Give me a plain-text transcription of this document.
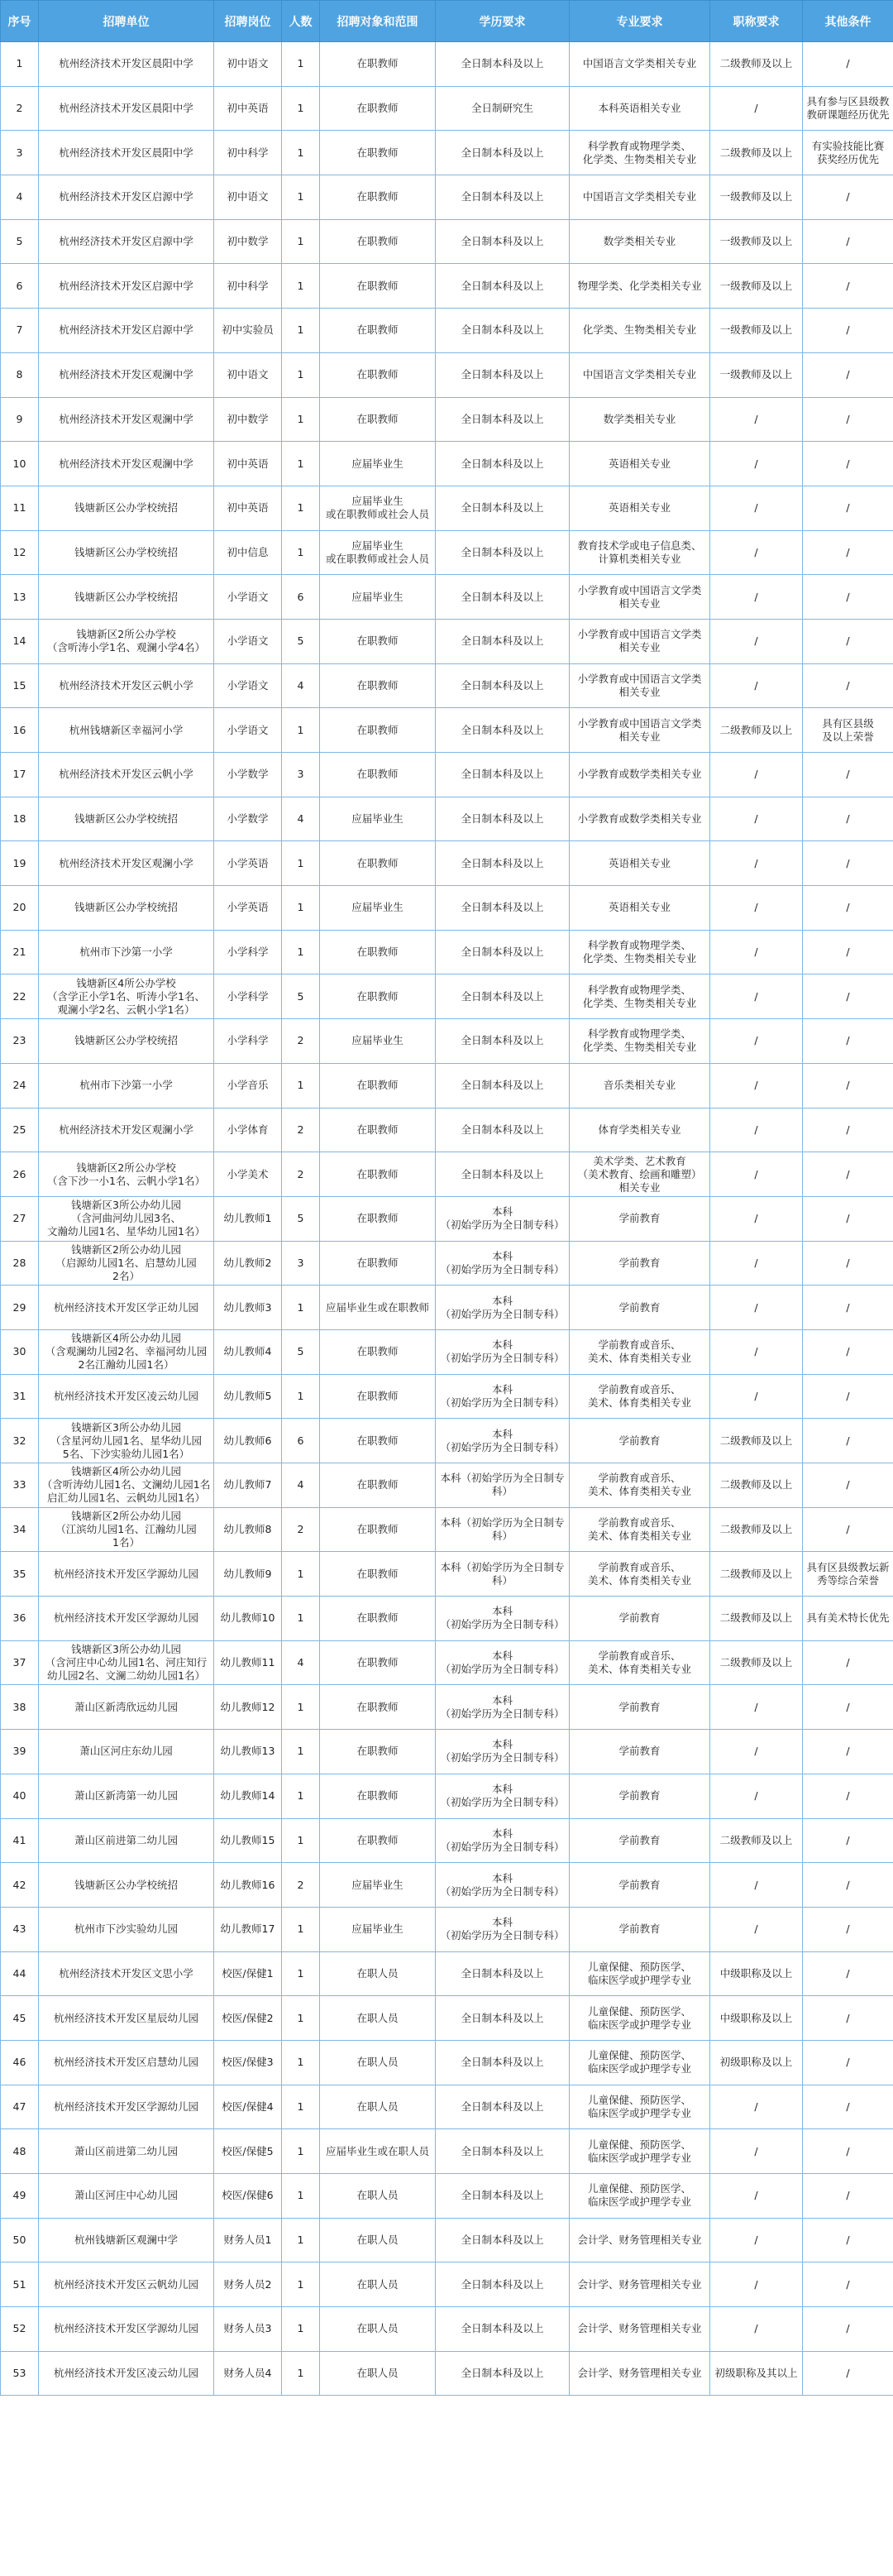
序号	招聘单位	招聘岗位	人数	招聘对象和范围	学历要求	专业要求	职称要求	其他条件
1	杭州经济技术开发区晨阳中学	初中语文	1	在职教师	全日制本科及以上	中国语言文学类相关专业	二级教师及以上	/
2	杭州经济技术开发区晨阳中学	初中英语	1	在职教师	全日制研究生	本科英语相关专业	/	具有参与区县级教
教研课题经历优先
3	杭州经济技术开发区晨阳中学	初中科学	1	在职教师	全日制本科及以上	科学教育或物理学类、
化学类、生物类相关专业	二级教师及以上	有实验技能比赛
获奖经历优先
4	杭州经济技术开发区启源中学	初中语文	1	在职教师	全日制本科及以上	中国语言文学类相关专业	一级教师及以上	/
5	杭州经济技术开发区启源中学	初中数学	1	在职教师	全日制本科及以上	数学类相关专业	一级教师及以上	/
6	杭州经济技术开发区启源中学	初中科学	1	在职教师	全日制本科及以上	物理学类、化学类相关专业	一级教师及以上	/
7	杭州经济技术开发区启源中学	初中实验员	1	在职教师	全日制本科及以上	化学类、生物类相关专业	一级教师及以上	/
8	杭州经济技术开发区观澜中学	初中语文	1	在职教师	全日制本科及以上	中国语言文学类相关专业	一级教师及以上	/
9	杭州经济技术开发区观澜中学	初中数学	1	在职教师	全日制本科及以上	数学类相关专业	/	/
10	杭州经济技术开发区观澜中学	初中英语	1	应届毕业生	全日制本科及以上	英语相关专业	/	/
11	钱塘新区公办学校统招	初中英语	1	应届毕业生
或在职教师或社会人员	全日制本科及以上	英语相关专业	/	/
12	钱塘新区公办学校统招	初中信息	1	应届毕业生
或在职教师或社会人员	全日制本科及以上	教育技术学或电子信息类、
计算机类相关专业	/	/
13	钱塘新区公办学校统招	小学语文	6	应届毕业生	全日制本科及以上	小学教育或中国语言文学类
相关专业	/	/
14	钱塘新区2所公办学校
（含听涛小学1名、观澜小学4名）	小学语文	5	在职教师	全日制本科及以上	小学教育或中国语言文学类
相关专业	/	/
15	杭州经济技术开发区云帆小学	小学语文	4	在职教师	全日制本科及以上	小学教育或中国语言文学类
相关专业	/	/
16	杭州钱塘新区幸福河小学	小学语文	1	在职教师	全日制本科及以上	小学教育或中国语言文学类
相关专业	二级教师及以上	具有区县级
及以上荣誉
17	杭州经济技术开发区云帆小学	小学数学	3	在职教师	全日制本科及以上	小学教育或数学类相关专业	/	/
18	钱塘新区公办学校统招	小学数学	4	应届毕业生	全日制本科及以上	小学教育或数学类相关专业	/	/
19	杭州经济技术开发区观澜小学	小学英语	1	在职教师	全日制本科及以上	英语相关专业	/	/
20	钱塘新区公办学校统招	小学英语	1	应届毕业生	全日制本科及以上	英语相关专业	/	/
21	杭州市下沙第一小学	小学科学	1	在职教师	全日制本科及以上	科学教育或物理学类、
化学类、生物类相关专业	/	/
22	钱塘新区4所公办学校
（含学正小学1名、听涛小学1名、
观澜小学2名、云帆小学1名）	小学科学	5	在职教师	全日制本科及以上	科学教育或物理学类、
化学类、生物类相关专业	/	/
23	钱塘新区公办学校统招	小学科学	2	应届毕业生	全日制本科及以上	科学教育或物理学类、
化学类、生物类相关专业	/	/
24	杭州市下沙第一小学	小学音乐	1	在职教师	全日制本科及以上	音乐类相关专业	/	/
25	杭州经济技术开发区观澜小学	小学体育	2	在职教师	全日制本科及以上	体育学类相关专业	/	/
26	钱塘新区2所公办学校
（含下沙一小1名、云帆小学1名）	小学美术	2	在职教师	全日制本科及以上	美术学类、艺术教育
（美术教育、绘画和雕塑）
相关专业	/	/
27	钱塘新区3所公办幼儿园
（含河曲河幼儿园3名、
文瀚幼儿园1名、星华幼儿园1名）	幼儿教师1	5	在职教师	本科
（初始学历为全日制专科）	学前教育	/	/
28	钱塘新区2所公办幼儿园
（启源幼儿园1名、启慧幼儿园
2名）	幼儿教师2	3	在职教师	本科
（初始学历为全日制专科）	学前教育	/	/
29	杭州经济技术开发区学正幼儿园	幼儿教师3	1	应届毕业生或在职教师	本科
（初始学历为全日制专科）	学前教育	/	/
30	钱塘新区4所公办幼儿园
（含观澜幼儿园2名、幸福河幼儿园
2名江瀚幼儿园1名）	幼儿教师4	5	在职教师	本科
（初始学历为全日制专科）	学前教育或音乐、
美术、体育类相关专业	/	/
31	杭州经济技术开发区凌云幼儿园	幼儿教师5	1	在职教师	本科
（初始学历为全日制专科）	学前教育或音乐、
美术、体育类相关专业	/	/
32	钱塘新区3所公办幼儿园
（含星河幼儿园1名、星华幼儿园
5名、下沙实验幼儿园1名）	幼儿教师6	6	在职教师	本科
（初始学历为全日制专科）	学前教育	二级教师及以上	/
33	钱塘新区4所公办幼儿园
（含听涛幼儿园1名、文澜幼儿园1名
启汇幼儿园1名、云帆幼儿园1名）	幼儿教师7	4	在职教师	本科（初始学历为全日制专科）	学前教育或音乐、
美术、体育类相关专业	二级教师及以上	/
34	钱塘新区2所公办幼儿园
（江滨幼儿园1名、江瀚幼儿园
1名）	幼儿教师8	2	在职教师	本科（初始学历为全日制专科）	学前教育或音乐、
美术、体育类相关专业	二级教师及以上	/
35	杭州经济技术开发区学源幼儿园	幼儿教师9	1	在职教师	本科（初始学历为全日制专科）	学前教育或音乐、
美术、体育类相关专业	二级教师及以上	具有区县级教坛新
秀等综合荣誉
36	杭州经济技术开发区学源幼儿园	幼儿教师10	1	在职教师	本科
（初始学历为全日制专科）	学前教育	二级教师及以上	具有美术特长优先
37	钱塘新区3所公办幼儿园
（含河庄中心幼儿园1名、河庄知行
幼儿园2名、文澜二幼幼儿园1名）	幼儿教师11	4	在职教师	本科
（初始学历为全日制专科）	学前教育或音乐、
美术、体育类相关专业	二级教师及以上	/
38	萧山区新湾欣远幼儿园	幼儿教师12	1	在职教师	本科
（初始学历为全日制专科）	学前教育	/	/
39	萧山区河庄东幼儿园	幼儿教师13	1	在职教师	本科
（初始学历为全日制专科）	学前教育	/	/
40	萧山区新湾第一幼儿园	幼儿教师14	1	在职教师	本科
（初始学历为全日制专科）	学前教育	/	/
41	萧山区前进第二幼儿园	幼儿教师15	1	在职教师	本科
（初始学历为全日制专科）	学前教育	二级教师及以上	/
42	钱塘新区公办学校统招	幼儿教师16	2	应届毕业生	本科
（初始学历为全日制专科）	学前教育	/	/
43	杭州市下沙实验幼儿园	幼儿教师17	1	应届毕业生	本科
（初始学历为全日制专科）	学前教育	/	/
44	杭州经济技术开发区文思小学	校医/保健1	1	在职人员	全日制本科及以上	儿童保健、预防医学、
临床医学或护理学专业	中级职称及以上	/
45	杭州经济技术开发区星辰幼儿园	校医/保健2	1	在职人员	全日制本科及以上	儿童保健、预防医学、
临床医学或护理学专业	中级职称及以上	/
46	杭州经济技术开发区启慧幼儿园	校医/保健3	1	在职人员	全日制本科及以上	儿童保健、预防医学、
临床医学或护理学专业	初级职称及以上	/
47	杭州经济技术开发区学源幼儿园	校医/保健4	1	在职人员	全日制本科及以上	儿童保健、预防医学、
临床医学或护理学专业	/	/
48	萧山区前进第二幼儿园	校医/保健5	1	应届毕业生或在职人员	全日制本科及以上	儿童保健、预防医学、
临床医学或护理学专业	/	/
49	萧山区河庄中心幼儿园	校医/保健6	1	在职人员	全日制本科及以上	儿童保健、预防医学、
临床医学或护理学专业	/	/
50	杭州钱塘新区观澜中学	财务人员1	1	在职人员	全日制本科及以上	会计学、财务管理相关专业	/	/
51	杭州经济技术开发区云帆幼儿园	财务人员2	1	在职人员	全日制本科及以上	会计学、财务管理相关专业	/	/
52	杭州经济技术开发区学源幼儿园	财务人员3	1	在职人员	全日制本科及以上	会计学、财务管理相关专业	/	/
53	杭州经济技术开发区凌云幼儿园	财务人员4	1	在职人员	全日制本科及以上	会计学、财务管理相关专业	初级职称及其以上	/
